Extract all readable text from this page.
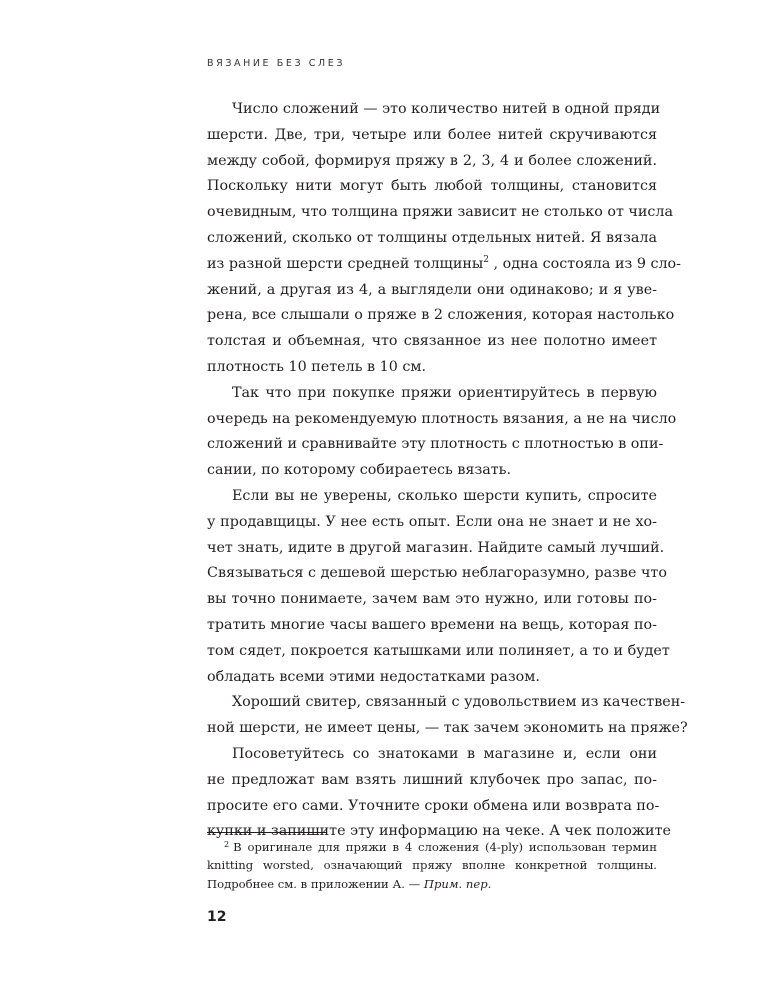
ВЯЗАНИЕ БЕЗ СЛЕЗ
Число сложений — это количество нитей в одной пряди
шерсти. Две, три, четыре или более нитей скручиваются
между собой, формируя пряжу в 2, 3, 4 и более сложений.
Поскольку нити могут быть любой толщины, становится
очевидным, что толщина пряжи зависит не столько от числа
сложений, сколько от толщины отдельных нитей. Я вязала
из разной шерсти средней толщины$^2$ , одна состояла из 9 сло-
жений, а другая из 4, а выглядели они одинаково; и я уве-
рена, все слышали о пряже в 2 сложения, которая настолько
толстая и объемная, что связанное из нее полотно имеет
плотность 10 петель в 10 см.
Так что при покупке пряжи ориентируйтесь в первую
очередь на рекомендуемую плотность вязания, а не на число
сложений и сравнивайте эту плотность с плотностью в опи-
сании, по которому собираетесь вязать.
Если вы не уверены, сколько шерсти купить, спросите
у продавщицы. У нее есть опыт. Если она не знает и не хо-
чет знать, идите в другой магазин. Найдите самый лучший.
Связываться с дешевой шерстью неблагоразумно, разве что
вы точно понимаете, зачем вам это нужно, или готовы по-
тратить многие часы вашего времени на вещь, которая по-
том сядет, покроется катышками или полиняет, а то и будет
обладать всеми этими недостатками разом.
Хороший свитер, связанный с удовольствием из качествен-
ной шерсти, не имеет цены, — так зачем экономить на пряже?
Посоветуйтесь со знатоками в магазине и, если они
не предложат вам взять лишний клубочек про запас, по-
просите его сами. Уточните сроки обмена или возврата по-
купки и запишите эту информацию на чеке. А чек положите
$^2$ В оригинале для пряжи в 4 сложения (4-ply) использован термин
knitting worsted, означающий пряжу вполне конкретной толщины.
Подробнее см. в приложении А. — Прим. пер.
12
